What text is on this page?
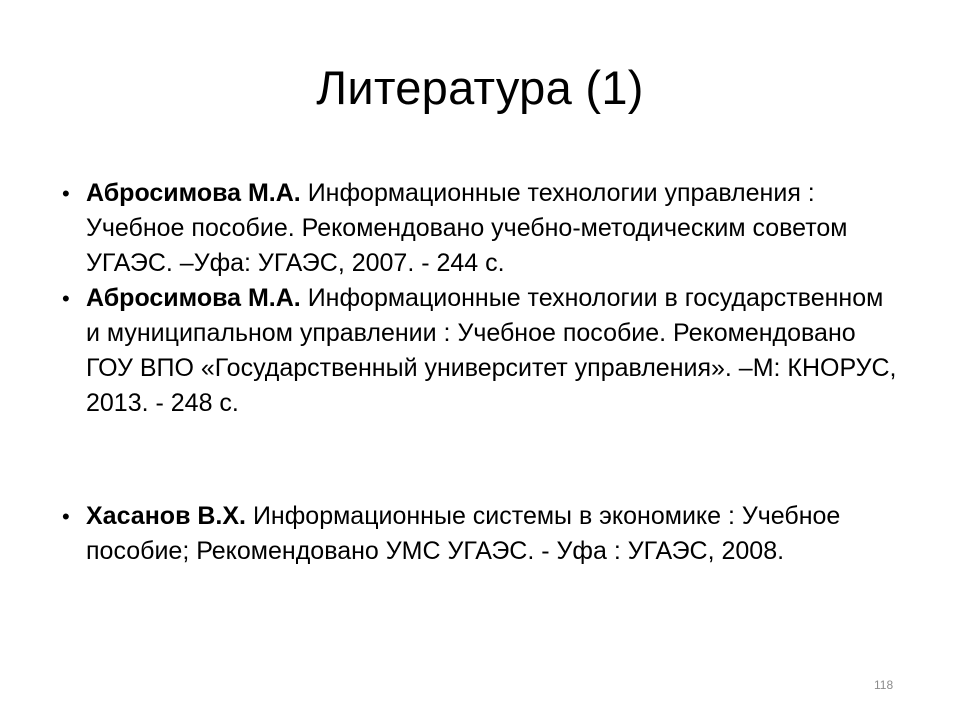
Литература (1)
• Абросимова М.А. Информационные технологии управления : Учебное пособие. Рекомендовано учебно-методическим советом УГАЭС. –Уфа: УГАЭС, 2007. - 244 с.
• Абросимова М.А. Информационные технологии в государственном и муниципальном управлении : Учебное пособие. Рекомендовано ГОУ ВПО «Государственный университет управления». –М: КНОРУС, 2013. - 248 с.
• Хасанов В.Х. Информационные системы в экономике : Учебное пособие; Рекомендовано УМС УГАЭС. - Уфа : УГАЭС, 2008.
118
